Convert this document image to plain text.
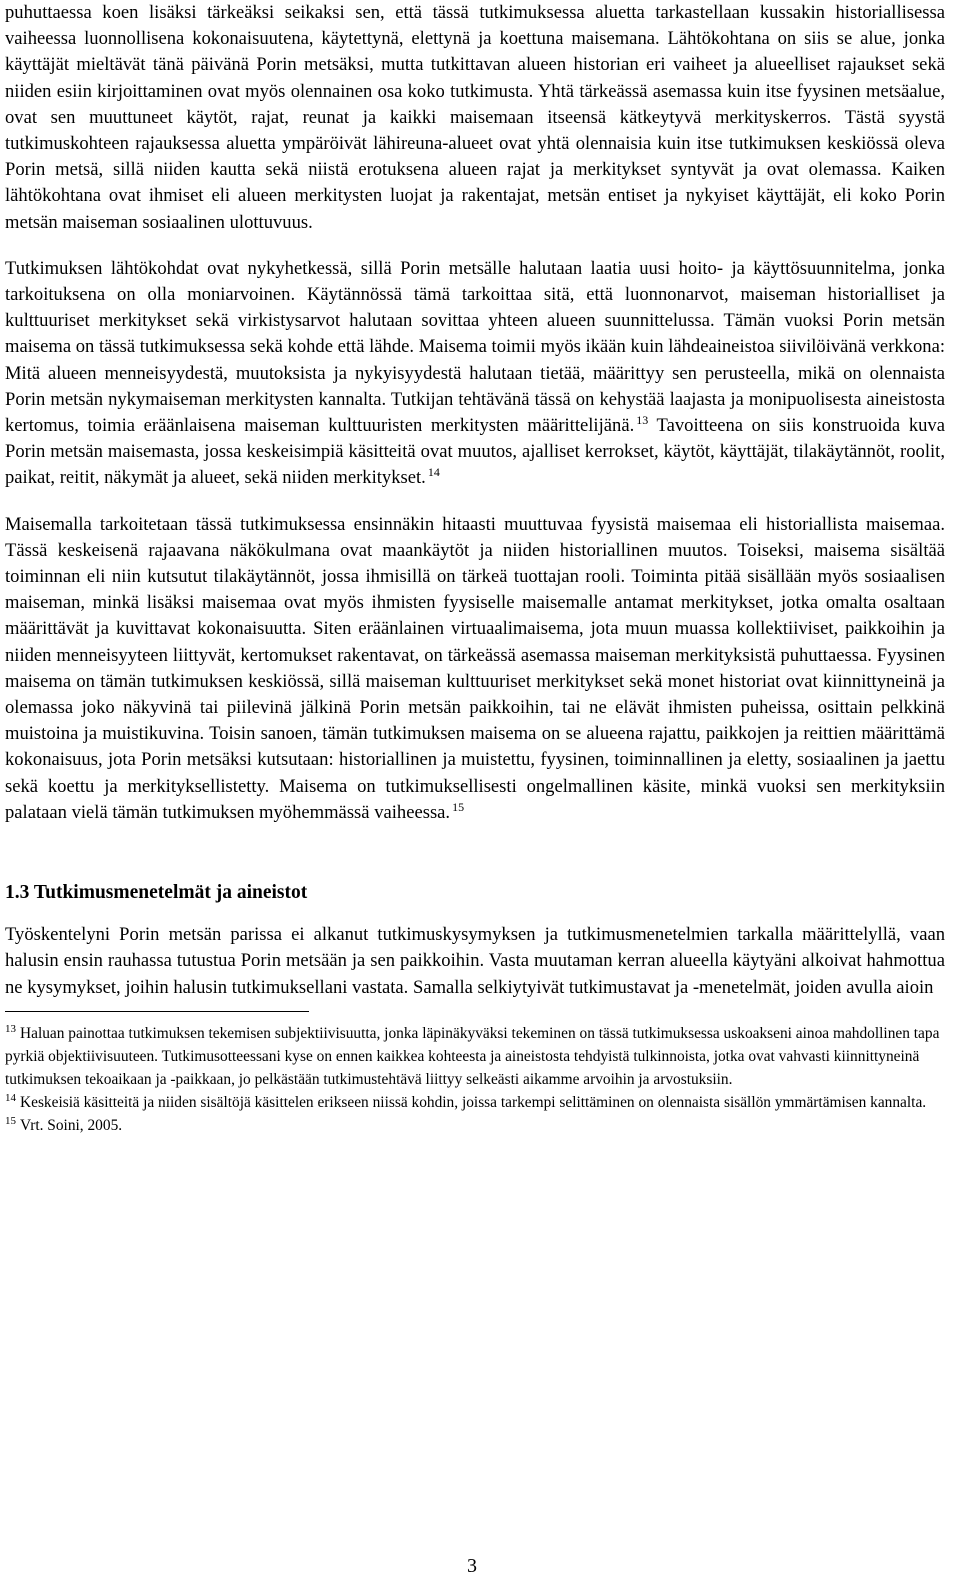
puhuttaessa koen lisäksi tärkeäksi seikaksi sen, että tässä tutkimuksessa aluetta tarkastellaan kussakin historiallisessa vaiheessa luonnollisena kokonaisuutena, käytettynä, elettynä ja koettuna maisemana. Lähtökohtana on siis se alue, jonka käyttäjät mieltävät tänä päivänä Porin metsäksi, mutta tutkittavan alueen historian eri vaiheet ja alueelliset rajaukset sekä niiden esiin kirjoittaminen ovat myös olennainen osa koko tutkimusta. Yhtä tärkeässä asemassa kuin itse fyysinen metsäalue, ovat sen muuttuneet käytöt, rajat, reunat ja kaikki maisemaan itseensä kätkeytyvä merkityskerros. Tästä syystä tutkimuskohteen rajauksessa aluetta ympäröivät lähireuna-alueet ovat yhtä olennaisia kuin itse tutkimuksen keskiössä oleva Porin metsä, sillä niiden kautta sekä niistä erotuksena alueen rajat ja merkitykset syntyvät ja ovat olemassa. Kaiken lähtökohtana ovat ihmiset eli alueen merkitysten luojat ja rakentajat, metsän entiset ja nykyiset käyttäjät, eli koko Porin metsän maiseman sosiaalinen ulottuvuus.

Tutkimuksen lähtökohdat ovat nykyhetkessä, sillä Porin metsälle halutaan laatia uusi hoito- ja käyttösuunnitelma, jonka tarkoituksena on olla moniarvoinen. Käytännössä tämä tarkoittaa sitä, että luonnonarvot, maiseman historialliset ja kulttuuriset merkitykset sekä virkistysarvot halutaan sovittaa yhteen alueen suunnittelussa. Tämän vuoksi Porin metsän maisema on tässä tutkimuksessa sekä kohde että lähde. Maisema toimii myös ikään kuin lähdeaineistoa siivilöivänä verkkona: Mitä alueen menneisyydestä, muutoksista ja nykyisyydestä halutaan tietää, määrittyy sen perusteella, mikä on olennaista Porin metsän nykymaiseman merkitysten kannalta. Tutkijan tehtävänä tässä on kehystää laajasta ja monipuolisesta aineistosta kertomus, toimia eräänlaisena maiseman kulttuuristen merkitysten määrittelijänä. $^{13}$ Tavoitteena on siis konstruoida kuva Porin metsän maisemasta, jossa keskeisimpiä käsitteitä ovat muutos, ajalliset kerrokset, käytöt, käyttäjät, tilakäytännöt, roolit, paikat, reitit, näkymät ja alueet, sekä niiden merkitykset. $^{14}$

Maisemalla tarkoitetaan tässä tutkimuksessa ensinnäkin hitaasti muuttuvaa fyysistä maisemaa eli historiallista maisemaa. Tässä keskeisenä rajaavana näkökulmana ovat maankäytöt ja niiden historiallinen muutos. Toiseksi, maisema sisältää toiminnan eli niin kutsutut tilakäytännöt, jossa ihmisillä on tärkeä tuottajan rooli. Toiminta pitää sisällään myös sosiaalisen maiseman, minkä lisäksi maisemaa ovat myös ihmisten fyysiselle maisemalle antamat merkitykset, jotka omalta osaltaan määrittävät ja kuvittavat kokonaisuutta. Siten eräänlainen virtuaalimaisema, jota muun muassa kollektiiviset, paikkoihin ja niiden menneisyyteen liittyvät, kertomukset rakentavat, on tärkeässä asemassa maiseman merkityksistä puhuttaessa. Fyysinen maisema on tämän tutkimuksen keskiössä, sillä maiseman kulttuuriset merkitykset sekä monet historiat ovat kiinnittyneinä ja olemassa joko näkyvinä tai piilevinä jälkinä Porin metsän paikkoihin, tai ne elävät ihmisten puheissa, osittain pelkkinä muistoina ja muistikuvina. Toisin sanoen, tämän tutkimuksen maisema on se alueena rajattu, paikkojen ja reittien määrittämä kokonaisuus, jota Porin metsäksi kutsutaan: historiallinen ja muistettu, fyysinen, toiminnallinen ja eletty, sosiaalinen ja jaettu sekä koettu ja merkityksellistetty. Maisema on tutkimuksellisesti ongelmallinen käsite, minkä vuoksi sen merkityksiin palataan vielä tämän tutkimuksen myöhemmässä vaiheessa. $^{15}$

1.3 Tutkimusmenetelmät ja aineistot

Työskentelyni Porin metsän parissa ei alkanut tutkimuskysymyksen ja tutkimusmenetelmien tarkalla määrittelyllä, vaan halusin ensin rauhassa tutustua Porin metsään ja sen paikkoihin. Vasta muutaman kerran alueella käytyäni alkoivat hahmottua ne kysymykset, joihin halusin tutkimuksellani vastata. Samalla selkiytyivät tutkimustavat ja -menetelmät, joiden avulla aioin

$^{13}$ Haluan painottaa tutkimuksen tekemisen subjektiivisuutta, jonka läpinäkyväksi tekeminen on tässä tutkimuksessa uskoakseni ainoa mahdollinen tapa pyrkiä objektiivisuuteen. Tutkimusotteessani kyse on ennen kaikkea kohteesta ja aineistosta tehdyistä tulkinnoista, jotka ovat vahvasti kiinnittyneinä tutkimuksen tekoaikaan ja -paikkaan, jo pelkästään tutkimustehtävä liittyy selkeästi aikamme arvoihin ja arvostuksiin.

$^{14}$ Keskeisiä käsitteitä ja niiden sisältöjä käsittelen erikseen niissä kohdin, joissa tarkempi selittäminen on olennaista sisällön ymmärtämisen kannalta.

$^{15}$ Vrt. Soini, 2005.

3
